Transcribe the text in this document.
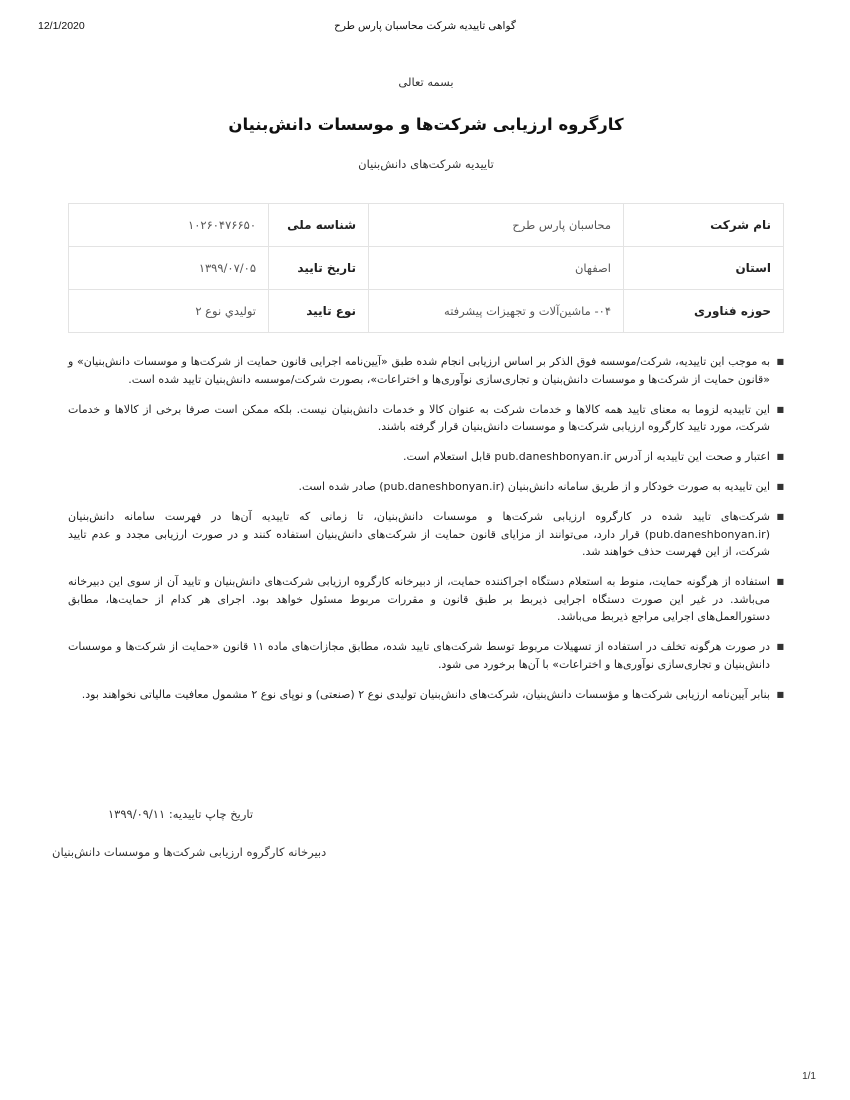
12/1/2020	گواهی تاییدیه شرکت محاسبان پارس طرح
بسمه تعالی
کارگروه ارزیابی شرکت‌ها و موسسات دانش‌بنیان
تاییدیه شرکت‌های دانش‌بنیان
نام شرکت	محاسبان پارس طرح	شناسه ملی	۱۰۲۶۰۴۷۶۶۵۰
استان	اصفهان	تاریخ تایید	۱۳۹۹/۰۷/۰۵
حوزه فناوری	۰۴- ماشین‌آلات و تجهیزات پیشرفته	نوع تایید	تولیدي نوع ۲
■
به موجب این تاییدیه، شرکت/موسسه فوق الذکر بر اساس ارزیابی انجام شده طبق «آیین‌نامه اجرایی قانون حمایت از شرکت‌ها و موسسات دانش‌بنیان» و «قانون حمایت از شرکت‌ها و موسسات دانش‌بنیان و تجاری‌سازی نوآوری‌ها و اختراعات»، بصورت شرکت/موسسه دانش‌بنیان تایید شده است.
■
این تاییدیه لزوما به معنای تایید همه کالاها و خدمات شرکت به عنوان کالا و خدمات دانش‌بنیان نیست. بلکه ممکن است صرفا برخی از کالاها و خدمات شرکت، مورد تایید کارگروه ارزیابی شرکت‌ها و موسسات دانش‌بنیان قرار گرفته باشند.
■
اعتبار و صحت این تاییدیه از آدرس pub.daneshbonyan.ir قابل استعلام است.
■
این تاییدیه به صورت خودکار و از طریق سامانه دانش‌بنیان (pub.daneshbonyan.ir) صادر شده است.
■
شرکت‌های تایید شده در کارگروه ارزیابی شرکت‌ها و موسسات دانش‌بنیان، تا زمانی که تاییدیه آن‌ها در فهرست سامانه دانش‌بنیان (pub.daneshbonyan.ir) قرار دارد، می‌توانند از مزایای قانون حمایت از شرکت‌های دانش‌بنیان استفاده کنند و در صورت ارزیابی مجدد و عدم تایید شرکت، از این فهرست حذف خواهند شد.
■
استفاده از هرگونه حمایت، منوط به استعلام دستگاه اجراکننده حمایت، از دبیرخانه کارگروه ارزیابی شرکت‌های دانش‌بنیان و تایید آن از سوی این دبیرخانه می‌باشد. در غیر این صورت دستگاه اجرایی ذیربط بر طبق قانون و مقررات مربوط مسئول خواهد بود. اجرای هر کدام از حمایت‌ها، مطابق دستورالعمل‌های اجرایی مراجع ذیربط می‌باشد.
■
در صورت هرگونه تخلف در استفاده از تسهیلات مربوط توسط شرکت‌های تایید شده، مطابق مجازات‌های ماده ۱۱ قانون «حمایت از شرکت‌ها و موسسات دانش‌بنیان و تجاری‌سازی نوآوری‌ها و اختراعات» با آن‌ها برخورد می شود.
■
بنابر آیین‌نامه ارزیابی شرکت‌ها و مؤسسات دانش‌بنیان، شرکت‌های دانش‌بنیان تولیدی نوع ۲ (صنعتی) و نوپای نوع ۲ مشمول معافیت مالیاتی نخواهند بود.
تاریخ چاپ تاییدیه: ۱۳۹۹/۰۹/۱۱
دبیرخانه کارگروه ارزیابی شرکت‌ها و موسسات دانش‌بنیان
1/1
